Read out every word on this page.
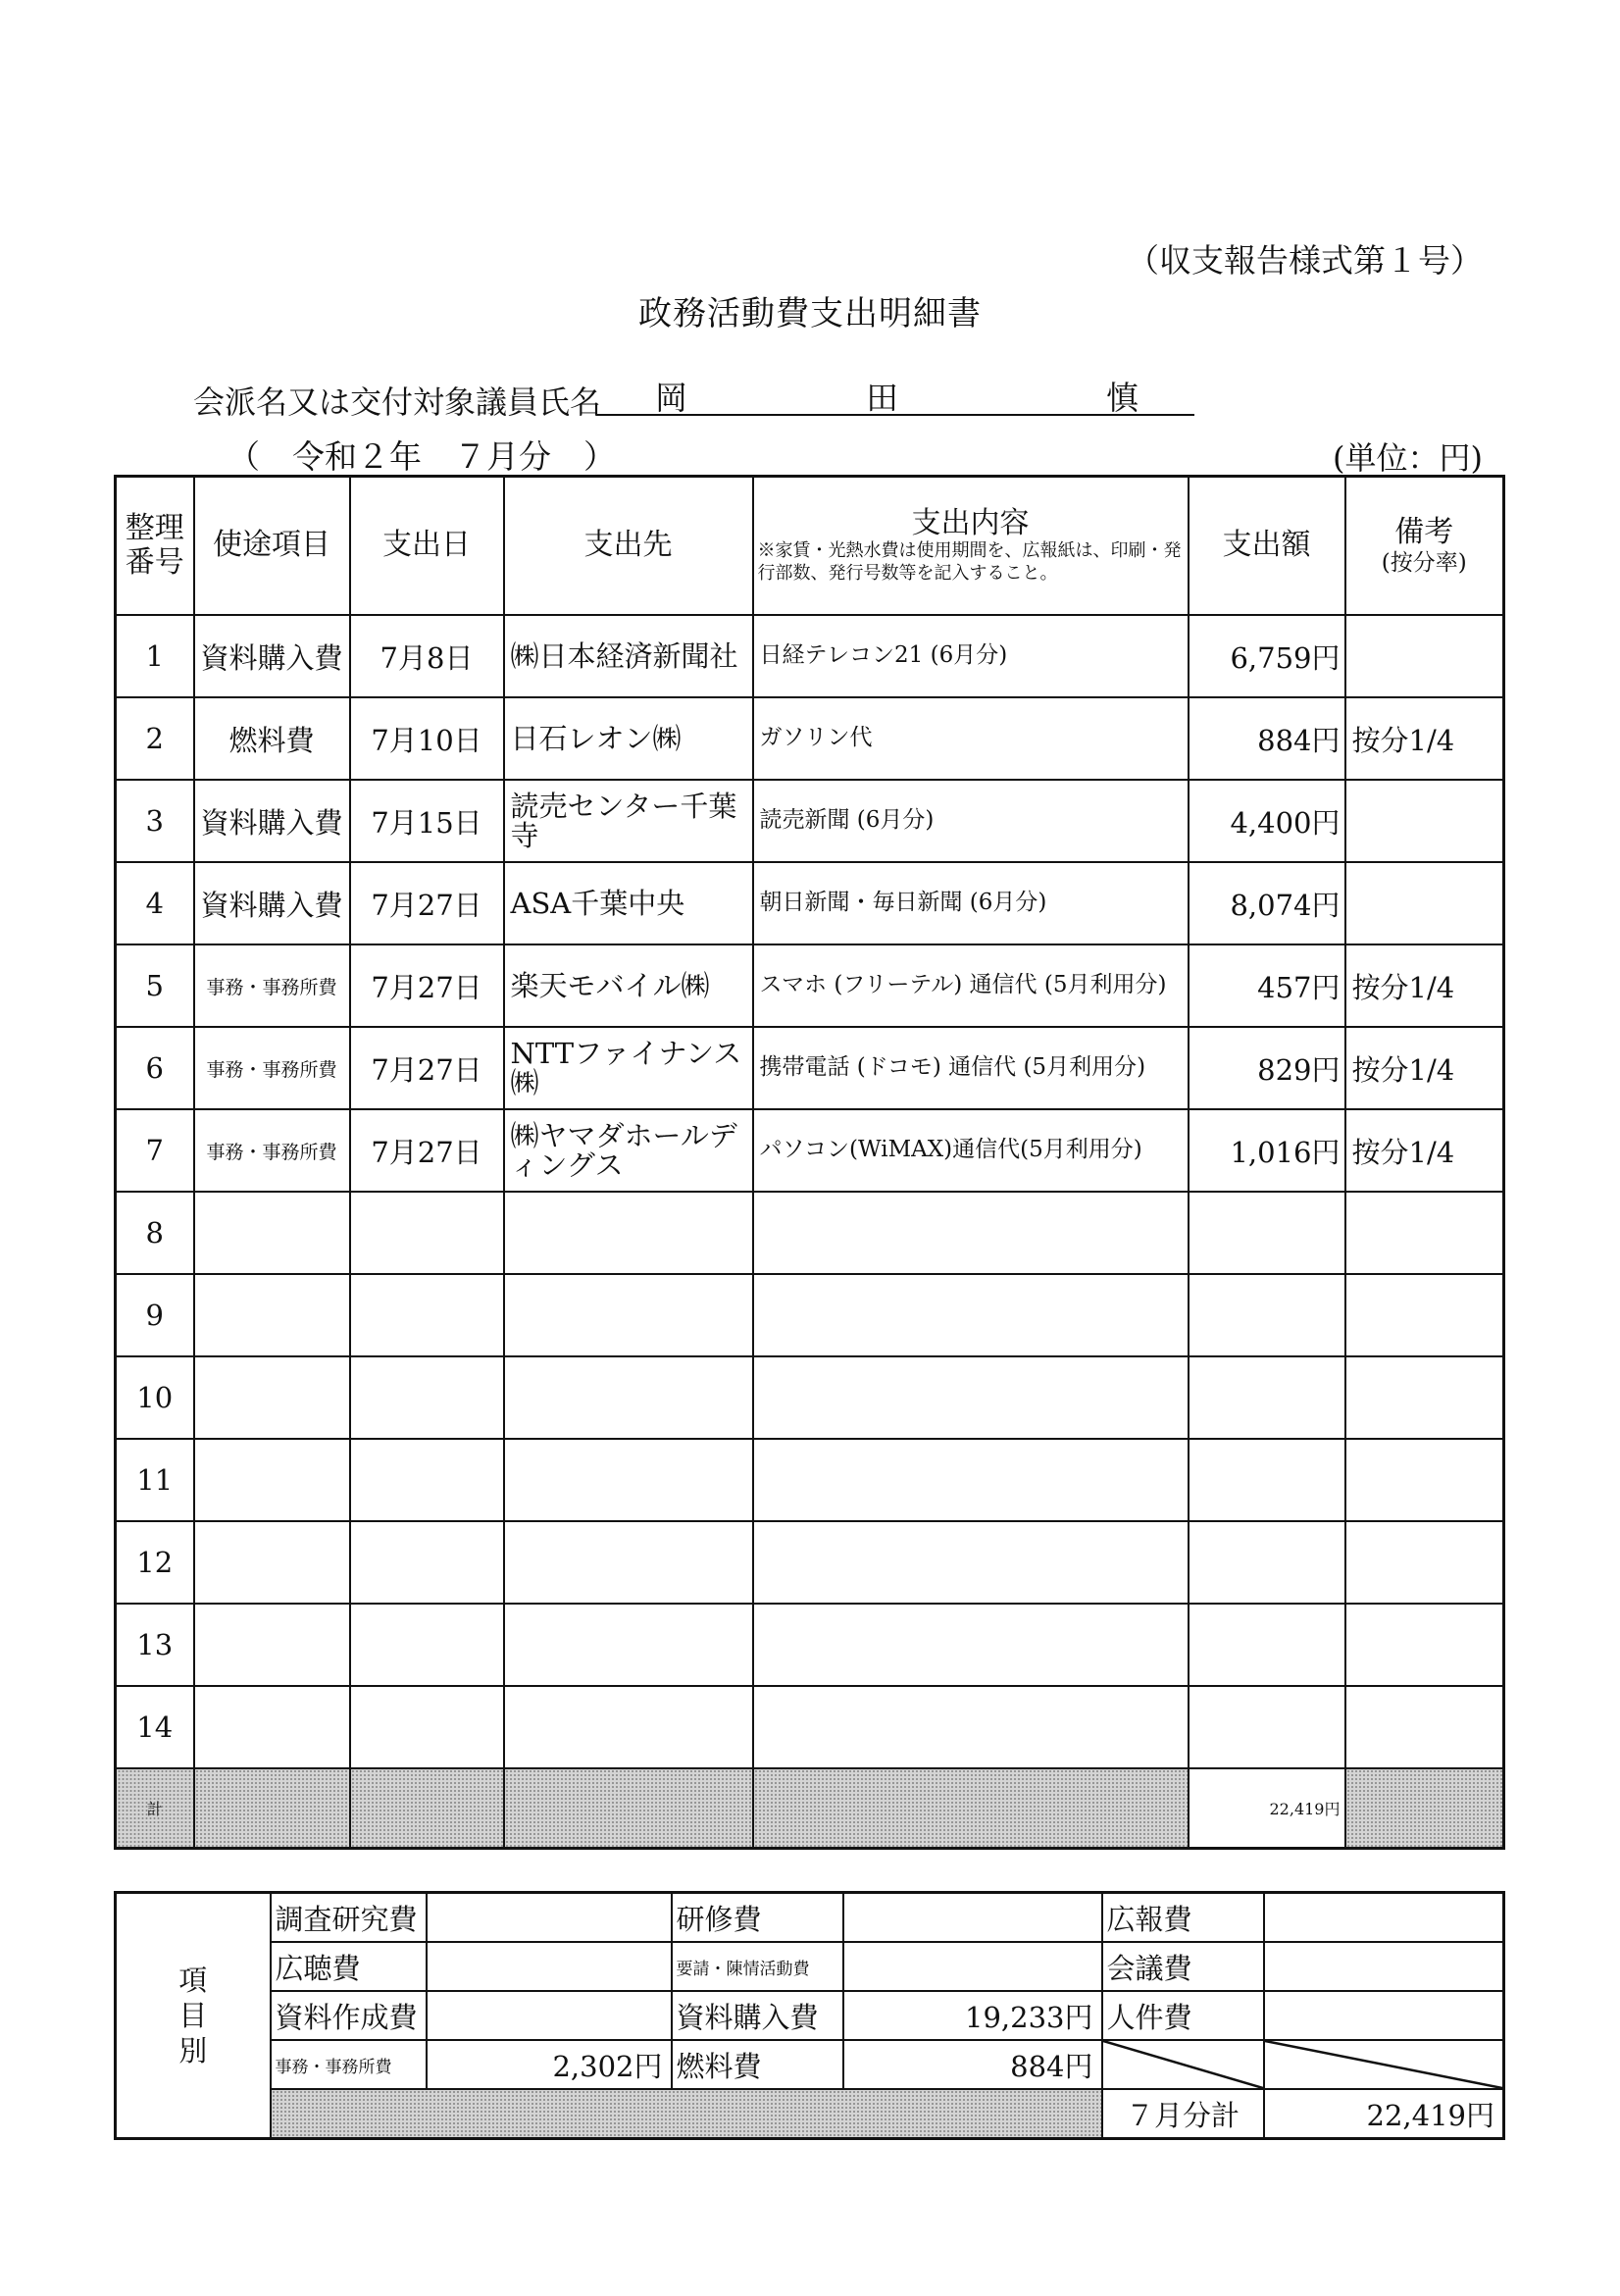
（収支報告様式第１号）
政務活動費支出明細書
会派名又は交付対象議員氏名 岡	田	慎
（　令和２年　７月分　）	(単位：円)
整理番号	使途項目	支出日	支出先	支出内容
※家賃・光熱水費は使用期間を、広報紙は、印刷・発行部数、発行号数等を記入すること。	支出額	備考
(按分率)

1	資料購入費	7月8日	㈱日本経済新聞社	日経テレコン21 (6月分)	6,759円	
2	燃料費	7月10日	日石レオン㈱	ガソリン代	884円	按分1/4
3	資料購入費	7月15日	読売センター千葉寺	読売新聞 (6月分)	4,400円	
4	資料購入費	7月27日	ASA千葉中央	朝日新聞・毎日新聞 (6月分)	8,074円	
5	事務・事務所費	7月27日	楽天モバイル㈱	スマホ (フリーテル) 通信代 (5月利用分)	457円	按分1/4
6	事務・事務所費	7月27日	NTTファイナンス㈱	携帯電話 (ドコモ) 通信代 (5月利用分)	829円	按分1/4
7	事務・事務所費	7月27日	㈱ヤマダホールディングス	パソコン(WiMAX)通信代(5月利用分)	1,016円	按分1/4
8						
9						
10						
11						
12						
13						
14						
計					22,419円	
項目別	調査研究費		研修費		広報費	
	広聴費		要請・陳情活動費		会議費	
	資料作成費		資料購入費	19,233円	人件費	
	事務・事務所費	2,302円	燃料費	884円		
					７月分計	22,419円
